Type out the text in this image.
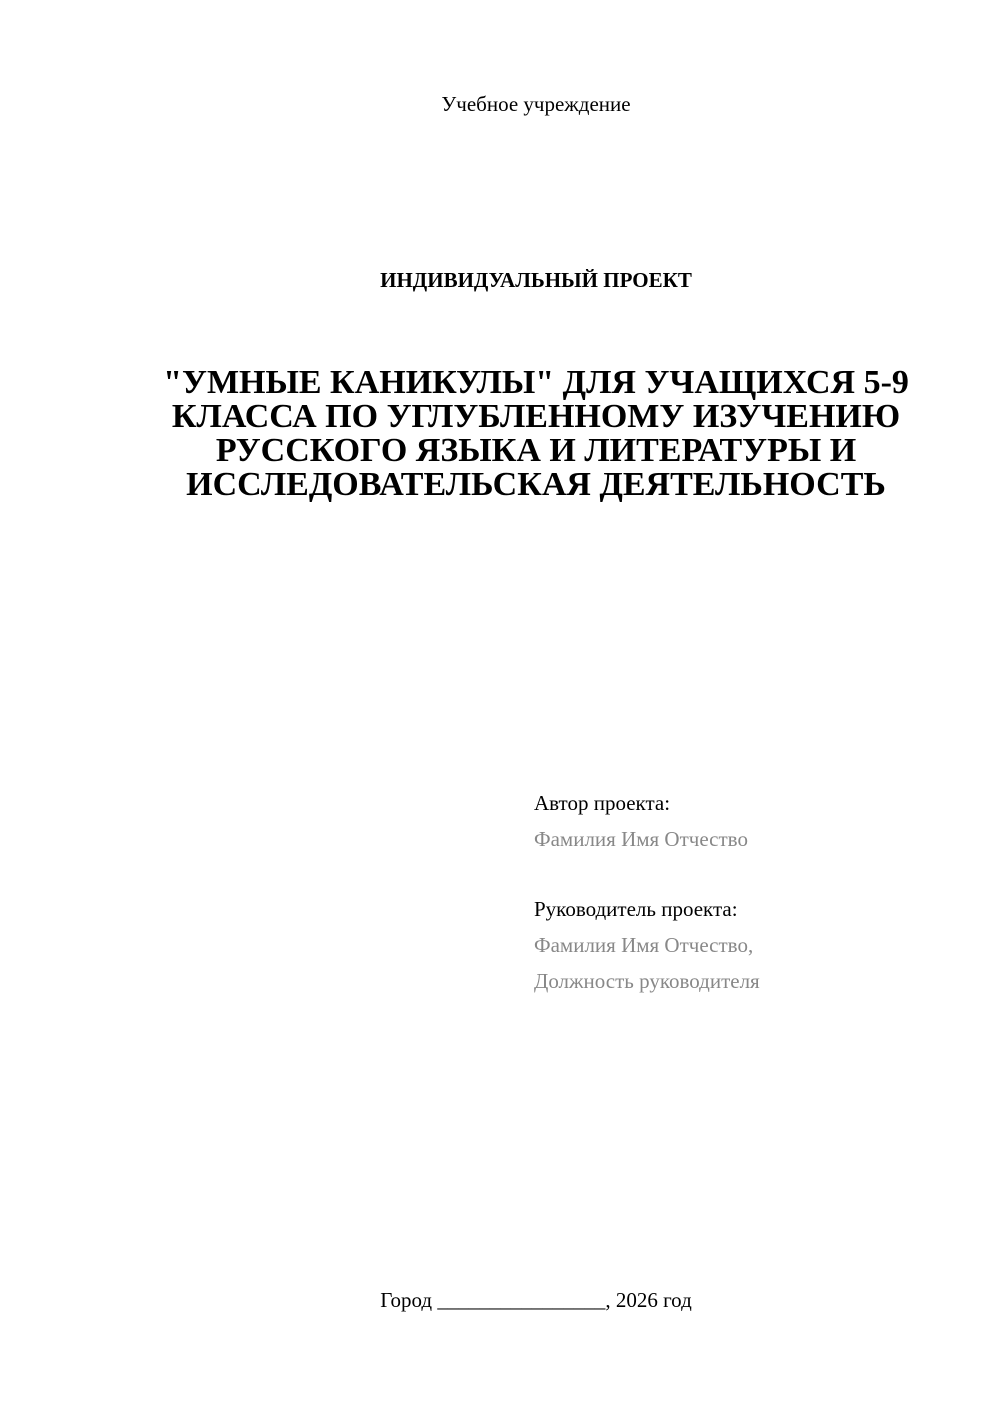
Учебное учреждение
ИНДИВИДУАЛЬНЫЙ ПРОЕКТ
"УМНЫЕ КАНИКУЛЫ" ДЛЯ УЧАЩИХСЯ 5-9 КЛАССА ПО УГЛУБЛЕННОМУ ИЗУЧЕНИЮ РУССКОГО ЯЗЫКА И ЛИТЕРАТУРЫ И ИССЛЕДОВАТЕЛЬСКАЯ ДЕЯТЕЛЬНОСТЬ
Автор проекта:
Фамилия Имя Отчество
Руководитель проекта:
Фамилия Имя Отчество,
Должность руководителя
Город ________________, 2026 год
